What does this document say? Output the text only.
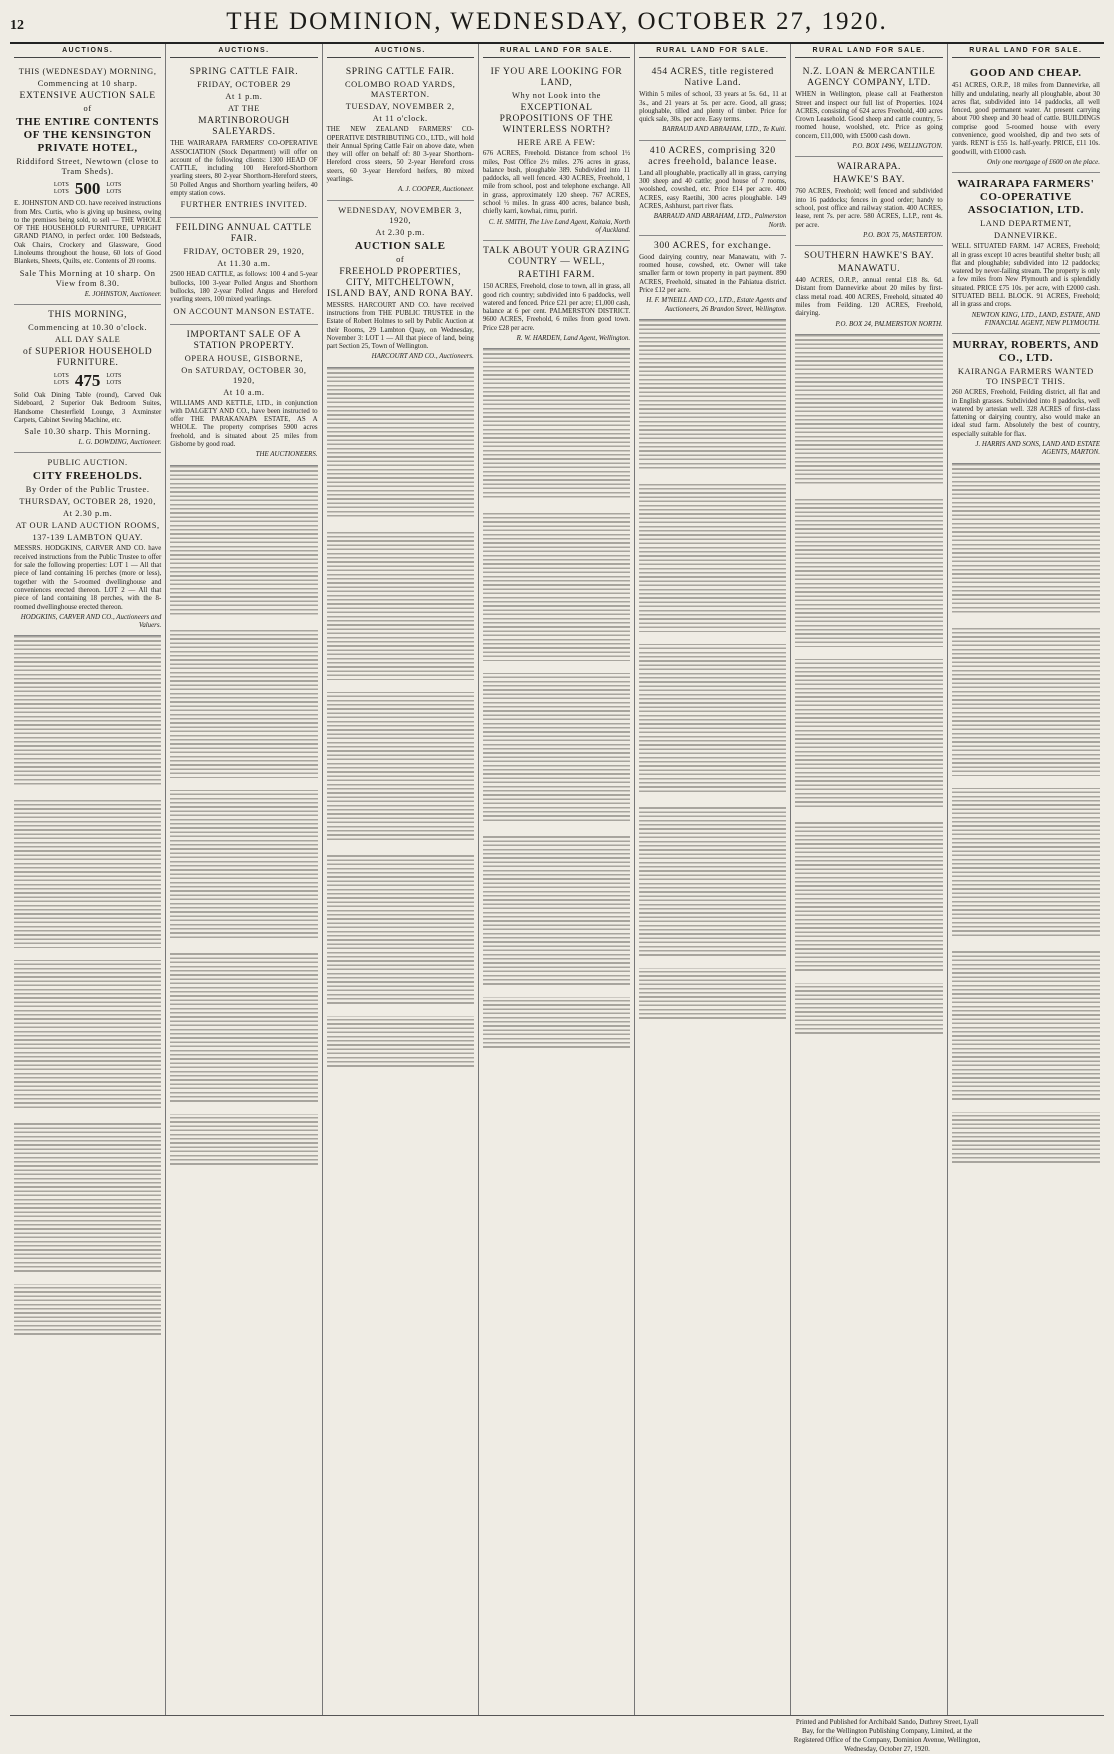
12	THE DOMINION, WEDNESDAY, OCTOBER 27, 1920.
AUCTIONS.
THIS (WEDNESDAY) MORNING,
Commencing at 10 sharp.
EXTENSIVE AUCTION SALE
of
THE ENTIRE CONTENTS OF THE KENSINGTON PRIVATE HOTEL,
Riddiford Street, Newtown (close to Tram Sheds).
LOTS
LOTS 500 LOTS
LOTS
E. JOHNSTON AND CO. have received instructions from Mrs. Curtis, who is giving up business, owing to the premises being sold, to sell — THE WHOLE OF THE HOUSEHOLD FURNITURE, UPRIGHT GRAND PIANO, in perfect order. 100 Bedsteads, Oak Chairs, Crockery and Glassware, Good Linoleums throughout the house, 60 lots of Good Blankets, Sheets, Quilts, etc. Contents of 20 rooms.
Sale This Morning at 10 sharp. On View from 8.30.
E. JOHNSTON, Auctioneer.
THIS MORNING,
Commencing at 10.30 o'clock.
ALL DAY SALE
of SUPERIOR HOUSEHOLD FURNITURE.
LOTS
LOTS 475 LOTS
LOTS
Solid Oak Dining Table (round), Carved Oak Sideboard, 2 Superior Oak Bedroom Suites, Handsome Chesterfield Lounge, 3 Axminster Carpets, Cabinet Sewing Machine, etc.
Sale 10.30 sharp. This Morning.
L. G. DOWDING, Auctioneer.
PUBLIC AUCTION.
CITY FREEHOLDS.
By Order of the Public Trustee.
THURSDAY, OCTOBER 28, 1920,
At 2.30 p.m.
AT OUR LAND AUCTION ROOMS,
137-139 LAMBTON QUAY.
MESSRS. HODGKINS, CARVER AND CO. have received instructions from the Public Trustee to offer for sale the following properties: LOT 1 — All that piece of land containing 16 perches (more or less), together with the 5-roomed dwellinghouse and conveniences erected thereon. LOT 2 — All that piece of land containing 18 perches, with the 8-roomed dwellinghouse erected thereon.
HODGKINS, CARVER AND CO., Auctioneers and Valuers.
AUCTIONS.
SPRING CATTLE FAIR.
FRIDAY, OCTOBER 29
At 1 p.m.
AT THE
MARTINBOROUGH SALEYARDS.
THE WAIRARAPA FARMERS' CO-OPERATIVE ASSOCIATION (Stock Department) will offer on account of the following clients: 1300 HEAD OF CATTLE, including 100 Hereford-Shorthorn yearling steers, 80 2-year Shorthorn-Hereford steers, 50 Polled Angus and Shorthorn yearling heifers, 40 empty station cows.
FURTHER ENTRIES INVITED.
FEILDING ANNUAL CATTLE FAIR.
FRIDAY, OCTOBER 29, 1920,
At 11.30 a.m.
2500 HEAD CATTLE, as follows: 100 4 and 5-year bullocks, 100 3-year Polled Angus and Shorthorn bullocks, 180 2-year Polled Angus and Hereford yearling steers, 100 mixed yearlings.
ON ACCOUNT MANSON ESTATE.
IMPORTANT SALE OF A STATION PROPERTY.
OPERA HOUSE, GISBORNE,
On SATURDAY, OCTOBER 30, 1920,
At 10 a.m.
WILLIAMS AND KETTLE, LTD., in conjunction with DALGETY AND CO., have been instructed to offer THE PARAKANAPA ESTATE, AS A WHOLE. The property comprises 5900 acres freehold, and is situated about 25 miles from Gisborne by good road.
THE AUCTIONEERS.
AUCTIONS.
SPRING CATTLE FAIR.
COLOMBO ROAD YARDS, MASTERTON.
TUESDAY, NOVEMBER 2,
At 11 o'clock.
THE NEW ZEALAND FARMERS' CO-OPERATIVE DISTRIBUTING CO., LTD., will hold their Annual Spring Cattle Fair on above date, when they will offer on behalf of: 80 3-year Shorthorn-Hereford cross steers, 50 2-year Hereford cross steers, 60 3-year Hereford heifers, 80 mixed yearlings.
A. J. COOPER, Auctioneer.
WEDNESDAY, NOVEMBER 3, 1920,
At 2.30 p.m.
AUCTION SALE
of
FREEHOLD PROPERTIES, CITY, MITCHELTOWN, ISLAND BAY, AND RONA BAY.
MESSRS. HARCOURT AND CO. have received instructions from THE PUBLIC TRUSTEE in the Estate of Robert Holmes to sell by Public Auction at their Rooms, 29 Lambton Quay, on Wednesday, November 3: LOT 1 — All that piece of land, being part Section 25, Town of Wellington.
HARCOURT AND CO., Auctioneers.
RURAL LAND FOR SALE.
IF YOU ARE LOOKING FOR LAND,
Why not Look into the
EXCEPTIONAL PROPOSITIONS OF THE WINTERLESS NORTH?
HERE ARE A FEW:
676 ACRES, Freehold. Distance from school 1½ miles, Post Office 2½ miles. 276 acres in grass, balance bush, ploughable 389. Subdivided into 11 paddocks, all well fenced. 430 ACRES, Freehold, 1 mile from school, post and telephone exchange. All in grass, approximately 120 sheep. 767 ACRES, school ½ miles. In grass 400 acres, balance bush, chiefly karri, kowhai, rimu, puriri.
C. H. SMITH, The Live Land Agent, Kaitaia, North of Auckland.
TALK ABOUT YOUR GRAZING COUNTRY — WELL,
RAETIHI FARM.
150 ACRES, Freehold, close to town, all in grass, all good rich country; subdivided into 6 paddocks, well watered and fenced. Price £21 per acre; £1,000 cash, balance at 6 per cent. PALMERSTON DISTRICT. 9600 ACRES, Freehold, 6 miles from good town. Price £28 per acre.
R. W. HARDEN, Land Agent, Wellington.
RURAL LAND FOR SALE.
454 ACRES, title registered Native Land.
Within 5 miles of school, 33 years at 5s. 6d., 11 at 3s., and 21 years at 5s. per acre. Good, all grass; ploughable, tilled and plenty of timber. Price for quick sale, 30s. per acre. Easy terms.
BARRAUD AND ABRAHAM, LTD., Te Kuiti.
410 ACRES, comprising 320 acres freehold, balance lease.
Land all ploughable, practically all in grass, carrying 300 sheep and 40 cattle; good house of 7 rooms, woolshed, cowshed, etc. Price £14 per acre. 400 ACRES, easy Raetihi, 300 acres ploughable. 149 ACRES, Ashhurst, part river flats.
BARRAUD AND ABRAHAM, LTD., Palmerston North.
300 ACRES, for exchange.
Good dairying country, near Manawatu, with 7-roomed house, cowshed, etc. Owner will take smaller farm or town property in part payment. 890 ACRES, Freehold, situated in the Pahiatua district. Price £12 per acre.
H. F. M'NEILL AND CO., LTD., Estate Agents and Auctioneers, 26 Brandon Street, Wellington.
RURAL LAND FOR SALE.
N.Z. LOAN & MERCANTILE AGENCY COMPANY, LTD.
WHEN in Wellington, please call at Featherston Street and inspect our full list of Properties. 1024 ACRES, consisting of 624 acres Freehold, 400 acres Crown Leasehold. Good sheep and cattle country, 5-roomed house, woolshed, etc. Price as going concern, £11,000, with £5000 cash down.
P.O. BOX 1496, WELLINGTON.
WAIRARAPA.
HAWKE'S BAY.
760 ACRES, Freehold; well fenced and subdivided into 16 paddocks; fences in good order; handy to school, post office and railway station. 400 ACRES, lease, rent 7s. per acre. 580 ACRES, L.I.P., rent 4s. per acre.
P.O. BOX 75, MASTERTON.
SOUTHERN HAWKE'S BAY.
MANAWATU.
440 ACRES, O.R.P., annual rental £18 8s. 6d. Distant from Dannevirke about 20 miles by first-class metal road. 400 ACRES, Freehold, situated 40 miles from Feilding. 120 ACRES, Freehold, dairying.
P.O. BOX 24, PALMERSTON NORTH.
RURAL LAND FOR SALE.
GOOD AND CHEAP.
451 ACRES, O.R.P., 18 miles from Dannevirke, all hilly and undulating, nearly all ploughable, about 30 acres flat, subdivided into 14 paddocks, all well fenced, good permanent water. At present carrying about 700 sheep and 30 head of cattle. BUILDINGS comprise good 5-roomed house with every convenience, good woolshed, dip and two sets of yards. RENT is £55 1s. half-yearly. PRICE, £11 10s. goodwill, with £1000 cash.
Only one mortgage of £600 on the place.
WAIRARAPA FARMERS' CO-OPERATIVE ASSOCIATION, LTD.
LAND DEPARTMENT,
DANNEVIRKE.
WELL SITUATED FARM. 147 ACRES, Freehold; all in grass except 10 acres beautiful shelter bush; all flat and ploughable; subdivided into 12 paddocks; watered by never-failing stream. The property is only a few miles from New Plymouth and is splendidly situated. PRICE £75 10s. per acre, with £2000 cash. SITUATED BELL BLOCK. 91 ACRES, Freehold; all in grass and crops.
NEWTON KING, LTD., LAND, ESTATE, AND FINANCIAL AGENT, NEW PLYMOUTH.
MURRAY, ROBERTS, AND CO., LTD.
KAIRANGA FARMERS WANTED TO INSPECT THIS.
260 ACRES, Freehold, Feilding district, all flat and in English grasses. Subdivided into 8 paddocks, well watered by artesian well. 328 ACRES of first-class fattening or dairying country, also would make an ideal stud farm. Absolutely the best of country, especially suitable for flax.
J. HARRIS AND SONS, LAND AND ESTATE AGENTS, MARTON.
Printed and Published for Archibald Sando, Duthrey Street, Lyall Bay, for the Wellington Publishing Company, Limited, at the Registered Office of the Company, Dominion Avenue, Wellington, Wednesday, October 27, 1920.
